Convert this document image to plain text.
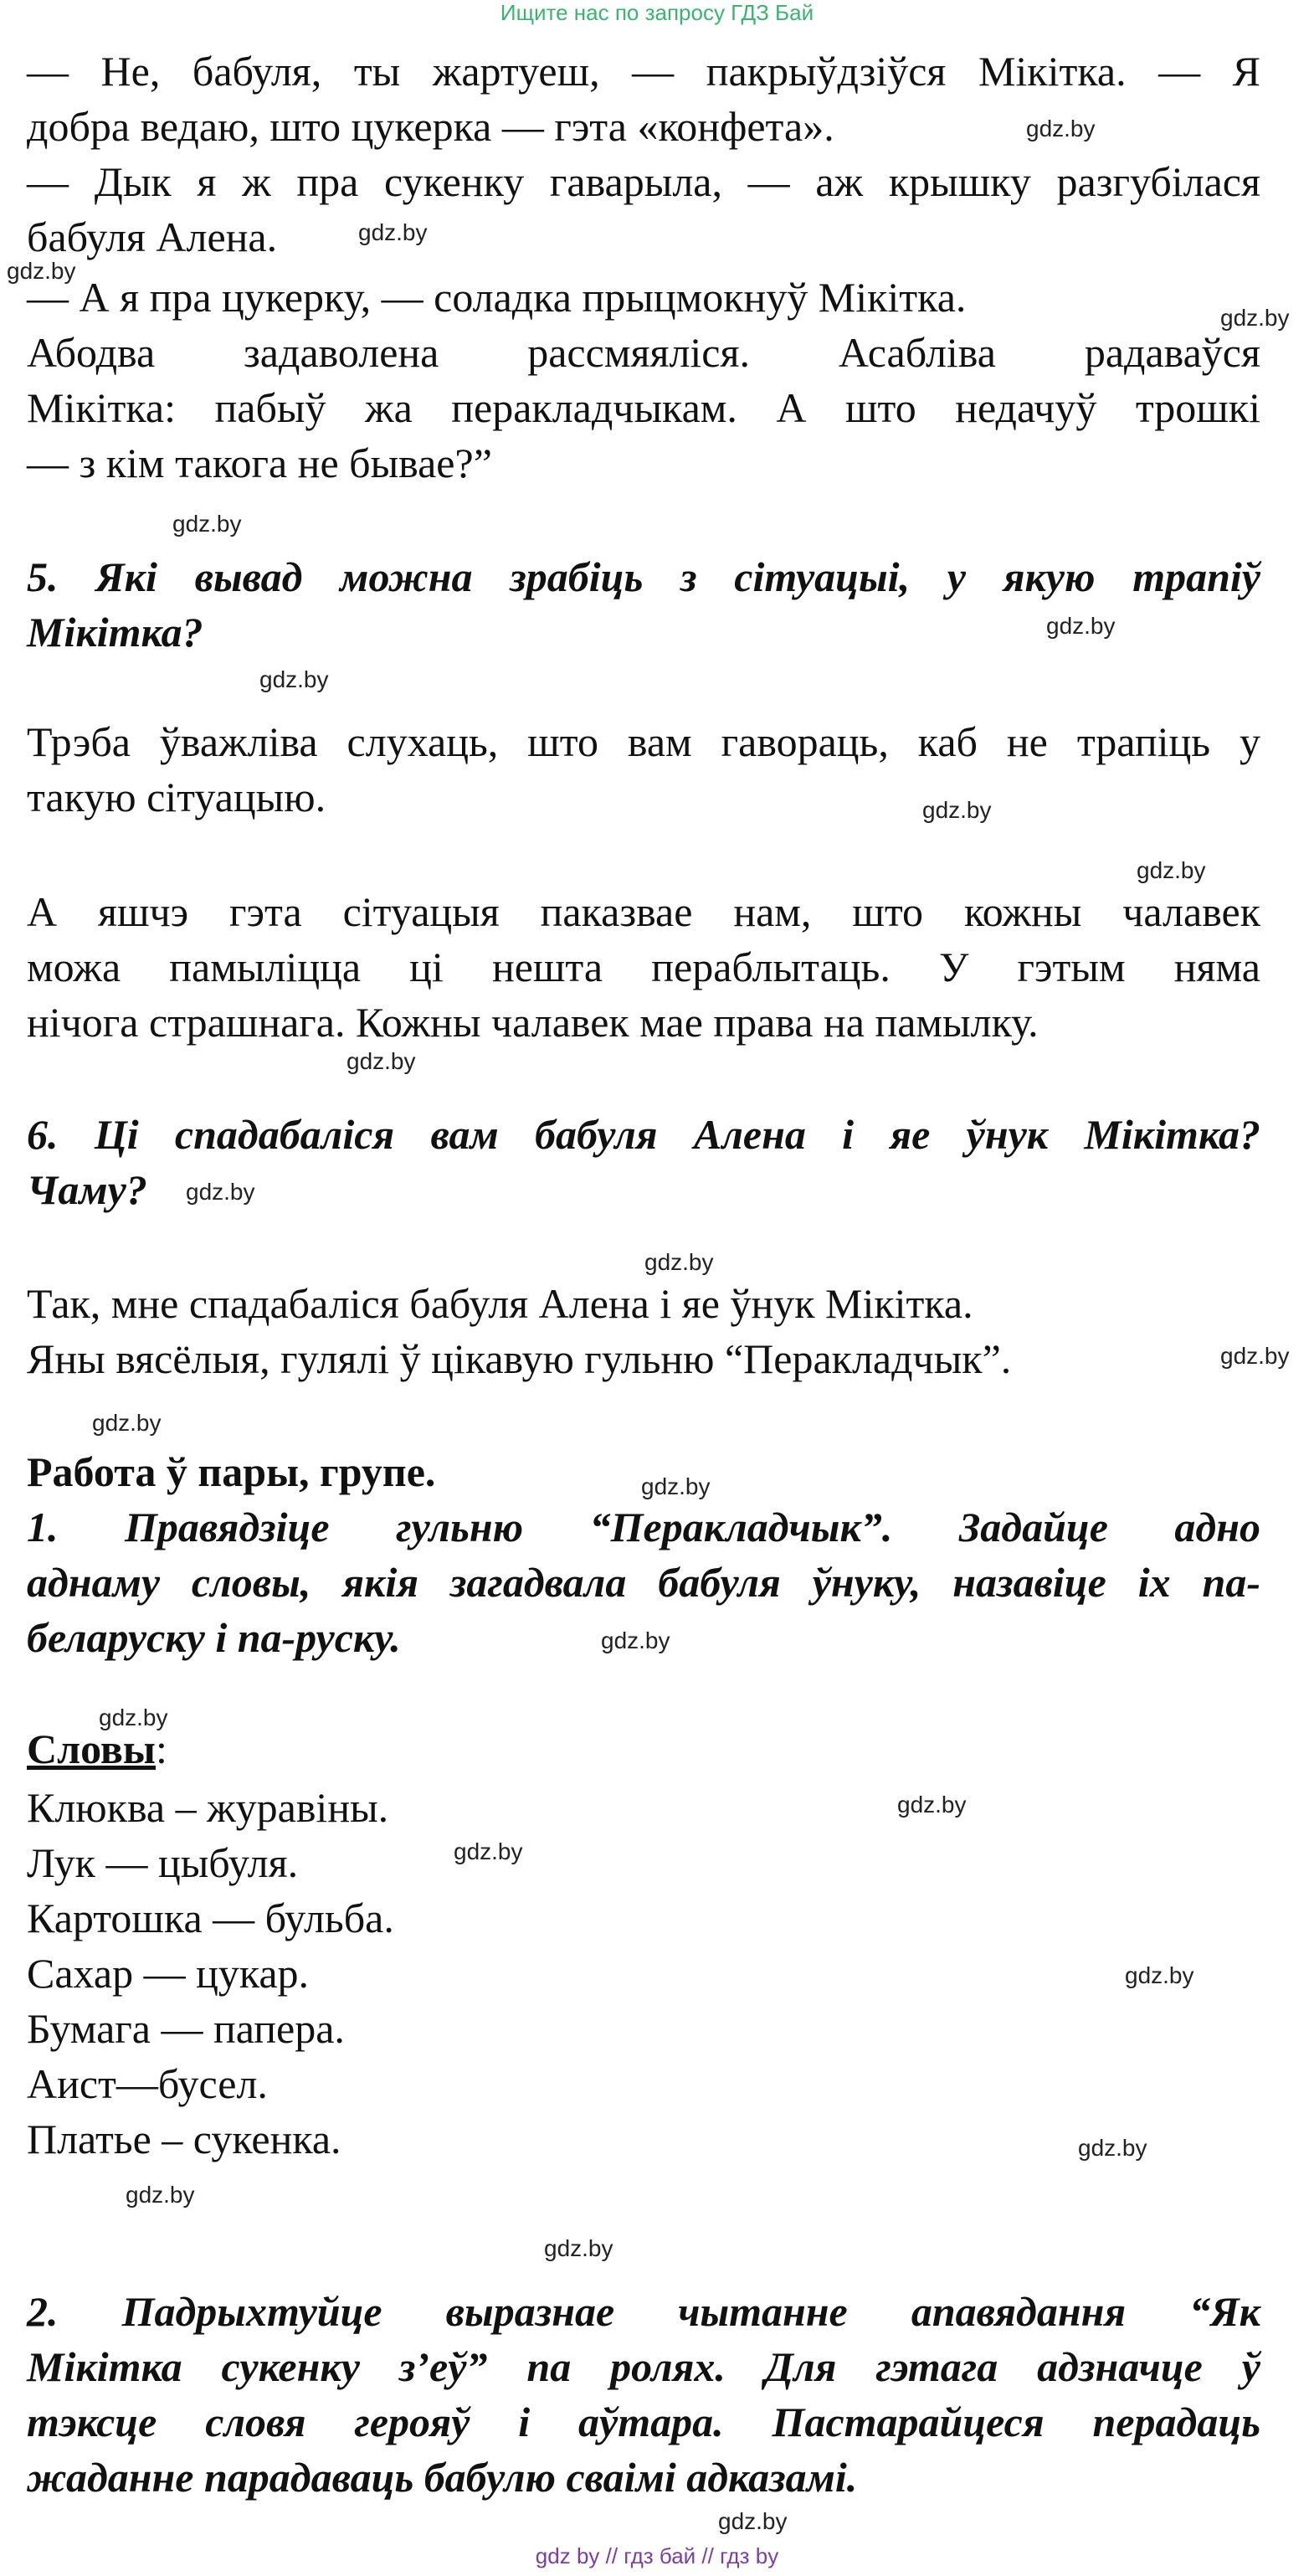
Ищите нас по запросу ГДЗ Бай
— Не, бабуля, ты жартуеш, — пакрыўдзіўся Мікітка. — Я
добра ведаю, што цукерка — гэта «конфета».
— Дык я ж пра сукенку гаварыла, — аж крышку разгубілася
бабуля Алена.
— А я пра цукерку, — соладка прыцмокнуў Мікітка.
Абодва задаволена рассмяяліся. Асабліва радаваўся
Мікітка: пабыў жа перакладчыкам. А што недачуў трошкі
— з кім такога не бывае?”
5. Які вывад можна зрабіць з сітуацыі, у якую трапіў
Мікітка?
Трэба ўважліва слухаць, што вам гавораць, каб не трапіць у
такую сітуацыю.
А яшчэ гэта сітуацыя паказвае нам, што кожны чалавек
можа памыліцца ці нешта пераблытаць. У гэтым няма
нічога страшнага. Кожны чалавек мае права на памылку.
6. Ці спадабаліся вам бабуля Алена і яе ўнук Мікітка?
Чаму?
Так, мне спадабаліся бабуля Алена і яе ўнук Мікітка.
Яны вясёлыя, гулялі ў цікавую гульню “Перакладчык”.
Работа ў пары, групе.
1. Правядзіце гульню “Перакладчык”. Задайце адно
аднаму словы, якія загадвала бабуля ўнуку, назавіце іх па-
беларуску і па-руску.
Словы:
Клюква – журавіны.
Лук — цыбуля.
Картошка — бульба.
Сахар — цукар.
Бумага — папера.
Аист—бусел.
Платье – сукенка.
2. Падрыхтуйце выразнае чытанне апавядання “Як
Мікітка сукенку з’еў” па ролях. Для гэтага адзначце ў
тэксце словя герояў і аўтара. Пастарайцеся перадаць
жаданне парадаваць бабулю сваімі адказамі.
gdz.by
gdz.by
gdz.by
gdz.by
gdz.by
gdz.by
gdz.by
gdz.by
gdz.by
gdz.by
gdz.by
gdz.by
gdz.by
gdz.by
gdz.by
gdz.by
gdz.by
gdz.by
gdz.by
gdz.by
gdz.by
gdz.by
gdz.by
gdz.by
gdz by // гдз бай // гдз by
